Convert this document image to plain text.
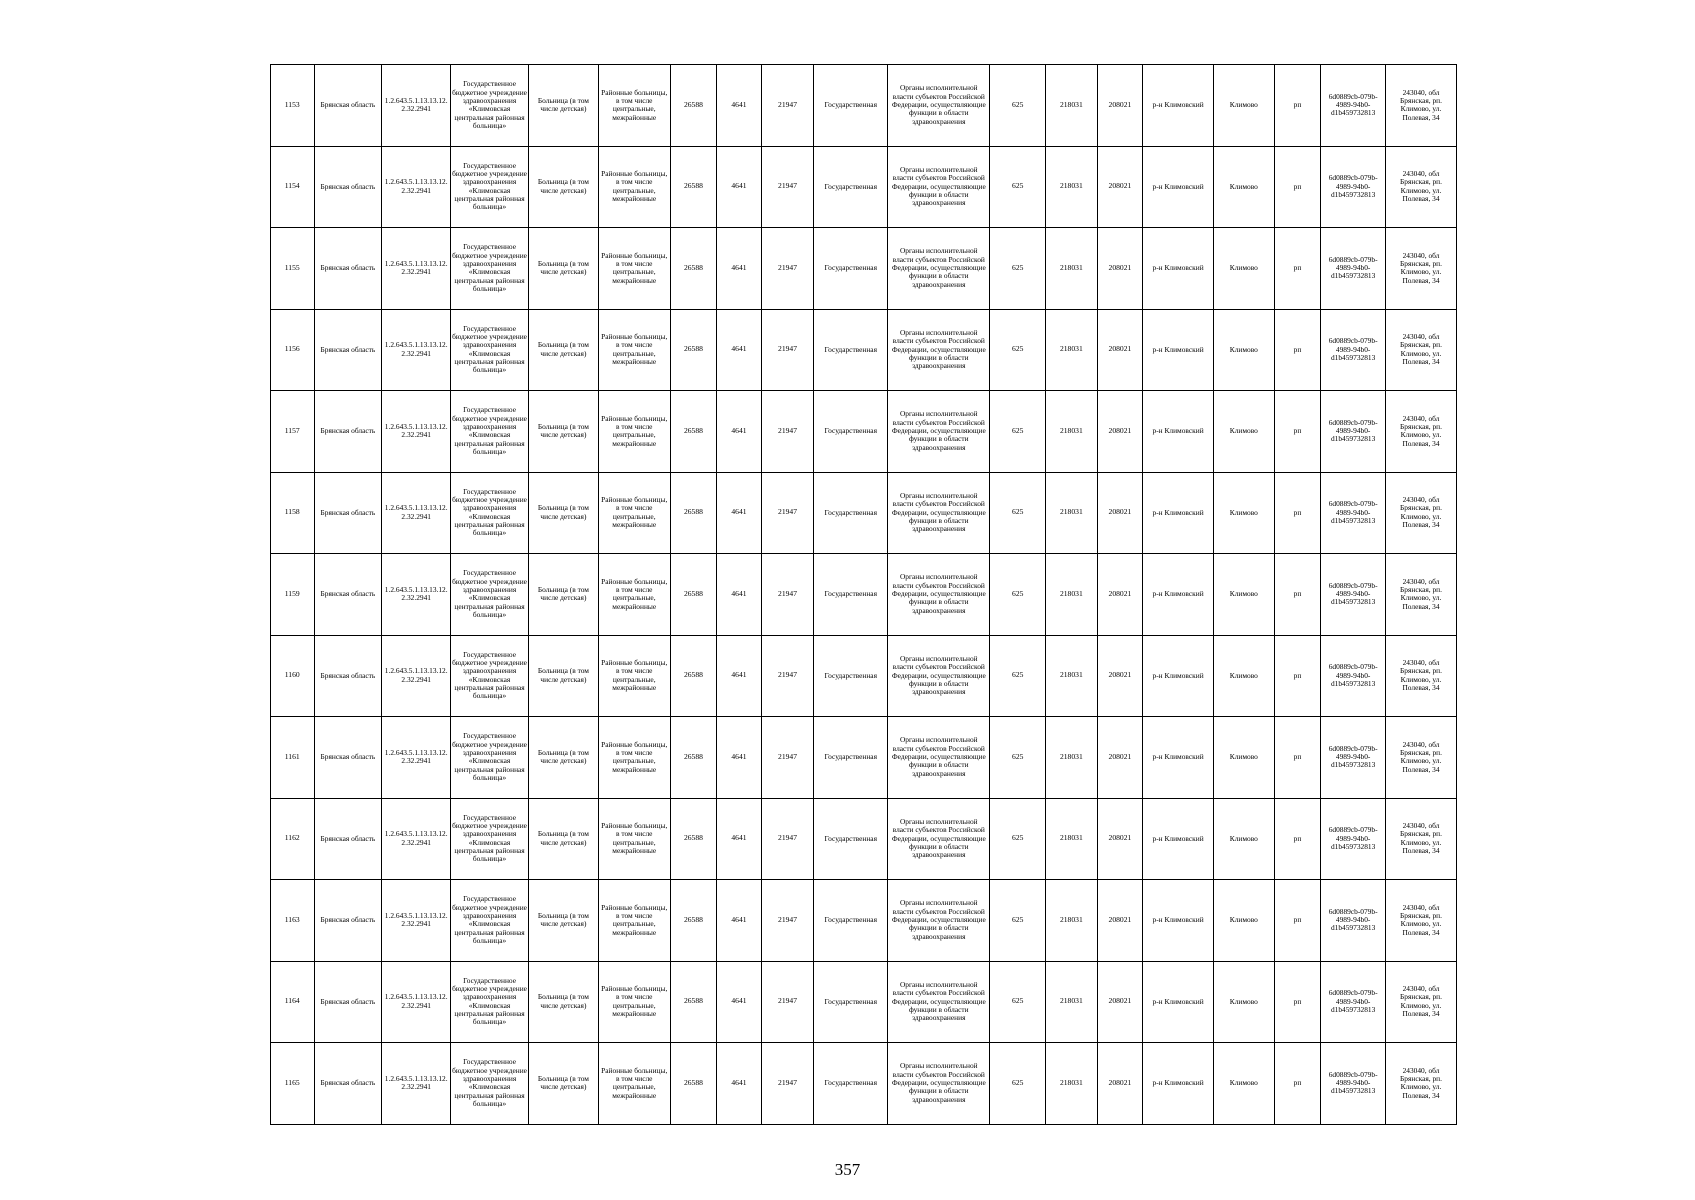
1153	Брянская область	1.2.643.5.1.13.13.12.2.32.2941	Государственное бюджетное учреждение здравоохранения «Климовская центральная районная больница»	Больница (в том числе детская)	Районные больницы, в том числе центральные, межрайонные	26588	4641	21947	Государственная	Органы исполнительной власти субъектов Российской Федерации, осуществляющие функции в области здравоохранения	625	218031	208021	р-н Климовский	Климово	рп	6d0889cb-079b-4989-94b0-d1b459732813	243040, обл Брянская, рп. Климово, ул. Полевая, 34
1154	Брянская область	1.2.643.5.1.13.13.12.2.32.2941	Государственное бюджетное учреждение здравоохранения «Климовская центральная районная больница»	Больница (в том числе детская)	Районные больницы, в том числе центральные, межрайонные	26588	4641	21947	Государственная	Органы исполнительной власти субъектов Российской Федерации, осуществляющие функции в области здравоохранения	625	218031	208021	р-н Климовский	Климово	рп	6d0889cb-079b-4989-94b0-d1b459732813	243040, обл Брянская, рп. Климово, ул. Полевая, 34
1155	Брянская область	1.2.643.5.1.13.13.12.2.32.2941	Государственное бюджетное учреждение здравоохранения «Климовская центральная районная больница»	Больница (в том числе детская)	Районные больницы, в том числе центральные, межрайонные	26588	4641	21947	Государственная	Органы исполнительной власти субъектов Российской Федерации, осуществляющие функции в области здравоохранения	625	218031	208021	р-н Климовский	Климово	рп	6d0889cb-079b-4989-94b0-d1b459732813	243040, обл Брянская, рп. Климово, ул. Полевая, 34
1156	Брянская область	1.2.643.5.1.13.13.12.2.32.2941	Государственное бюджетное учреждение здравоохранения «Климовская центральная районная больница»	Больница (в том числе детская)	Районные больницы, в том числе центральные, межрайонные	26588	4641	21947	Государственная	Органы исполнительной власти субъектов Российской Федерации, осуществляющие функции в области здравоохранения	625	218031	208021	р-н Климовский	Климово	рп	6d0889cb-079b-4989-94b0-d1b459732813	243040, обл Брянская, рп. Климово, ул. Полевая, 34
1157	Брянская область	1.2.643.5.1.13.13.12.2.32.2941	Государственное бюджетное учреждение здравоохранения «Климовская центральная районная больница»	Больница (в том числе детская)	Районные больницы, в том числе центральные, межрайонные	26588	4641	21947	Государственная	Органы исполнительной власти субъектов Российской Федерации, осуществляющие функции в области здравоохранения	625	218031	208021	р-н Климовский	Климово	рп	6d0889cb-079b-4989-94b0-d1b459732813	243040, обл Брянская, рп. Климово, ул. Полевая, 34
1158	Брянская область	1.2.643.5.1.13.13.12.2.32.2941	Государственное бюджетное учреждение здравоохранения «Климовская центральная районная больница»	Больница (в том числе детская)	Районные больницы, в том числе центральные, межрайонные	26588	4641	21947	Государственная	Органы исполнительной власти субъектов Российской Федерации, осуществляющие функции в области здравоохранения	625	218031	208021	р-н Климовский	Климово	рп	6d0889cb-079b-4989-94b0-d1b459732813	243040, обл Брянская, рп. Климово, ул. Полевая, 34
1159	Брянская область	1.2.643.5.1.13.13.12.2.32.2941	Государственное бюджетное учреждение здравоохранения «Климовская центральная районная больница»	Больница (в том числе детская)	Районные больницы, в том числе центральные, межрайонные	26588	4641	21947	Государственная	Органы исполнительной власти субъектов Российской Федерации, осуществляющие функции в области здравоохранения	625	218031	208021	р-н Климовский	Климово	рп	6d0889cb-079b-4989-94b0-d1b459732813	243040, обл Брянская, рп. Климово, ул. Полевая, 34
1160	Брянская область	1.2.643.5.1.13.13.12.2.32.2941	Государственное бюджетное учреждение здравоохранения «Климовская центральная районная больница»	Больница (в том числе детская)	Районные больницы, в том числе центральные, межрайонные	26588	4641	21947	Государственная	Органы исполнительной власти субъектов Российской Федерации, осуществляющие функции в области здравоохранения	625	218031	208021	р-н Климовский	Климово	рп	6d0889cb-079b-4989-94b0-d1b459732813	243040, обл Брянская, рп. Климово, ул. Полевая, 34
1161	Брянская область	1.2.643.5.1.13.13.12.2.32.2941	Государственное бюджетное учреждение здравоохранения «Климовская центральная районная больница»	Больница (в том числе детская)	Районные больницы, в том числе центральные, межрайонные	26588	4641	21947	Государственная	Органы исполнительной власти субъектов Российской Федерации, осуществляющие функции в области здравоохранения	625	218031	208021	р-н Климовский	Климово	рп	6d0889cb-079b-4989-94b0-d1b459732813	243040, обл Брянская, рп. Климово, ул. Полевая, 34
1162	Брянская область	1.2.643.5.1.13.13.12.2.32.2941	Государственное бюджетное учреждение здравоохранения «Климовская центральная районная больница»	Больница (в том числе детская)	Районные больницы, в том числе центральные, межрайонные	26588	4641	21947	Государственная	Органы исполнительной власти субъектов Российской Федерации, осуществляющие функции в области здравоохранения	625	218031	208021	р-н Климовский	Климово	рп	6d0889cb-079b-4989-94b0-d1b459732813	243040, обл Брянская, рп. Климово, ул. Полевая, 34
1163	Брянская область	1.2.643.5.1.13.13.12.2.32.2941	Государственное бюджетное учреждение здравоохранения «Климовская центральная районная больница»	Больница (в том числе детская)	Районные больницы, в том числе центральные, межрайонные	26588	4641	21947	Государственная	Органы исполнительной власти субъектов Российской Федерации, осуществляющие функции в области здравоохранения	625	218031	208021	р-н Климовский	Климово	рп	6d0889cb-079b-4989-94b0-d1b459732813	243040, обл Брянская, рп. Климово, ул. Полевая, 34
1164	Брянская область	1.2.643.5.1.13.13.12.2.32.2941	Государственное бюджетное учреждение здравоохранения «Климовская центральная районная больница»	Больница (в том числе детская)	Районные больницы, в том числе центральные, межрайонные	26588	4641	21947	Государственная	Органы исполнительной власти субъектов Российской Федерации, осуществляющие функции в области здравоохранения	625	218031	208021	р-н Климовский	Климово	рп	6d0889cb-079b-4989-94b0-d1b459732813	243040, обл Брянская, рп. Климово, ул. Полевая, 34
1165	Брянская область	1.2.643.5.1.13.13.12.2.32.2941	Государственное бюджетное учреждение здравоохранения «Климовская центральная районная больница»	Больница (в том числе детская)	Районные больницы, в том числе центральные, межрайонные	26588	4641	21947	Государственная	Органы исполнительной власти субъектов Российской Федерации, осуществляющие функции в области здравоохранения	625	218031	208021	р-н Климовский	Климово	рп	6d0889cb-079b-4989-94b0-d1b459732813	243040, обл Брянская, рп. Климово, ул. Полевая, 34
357
